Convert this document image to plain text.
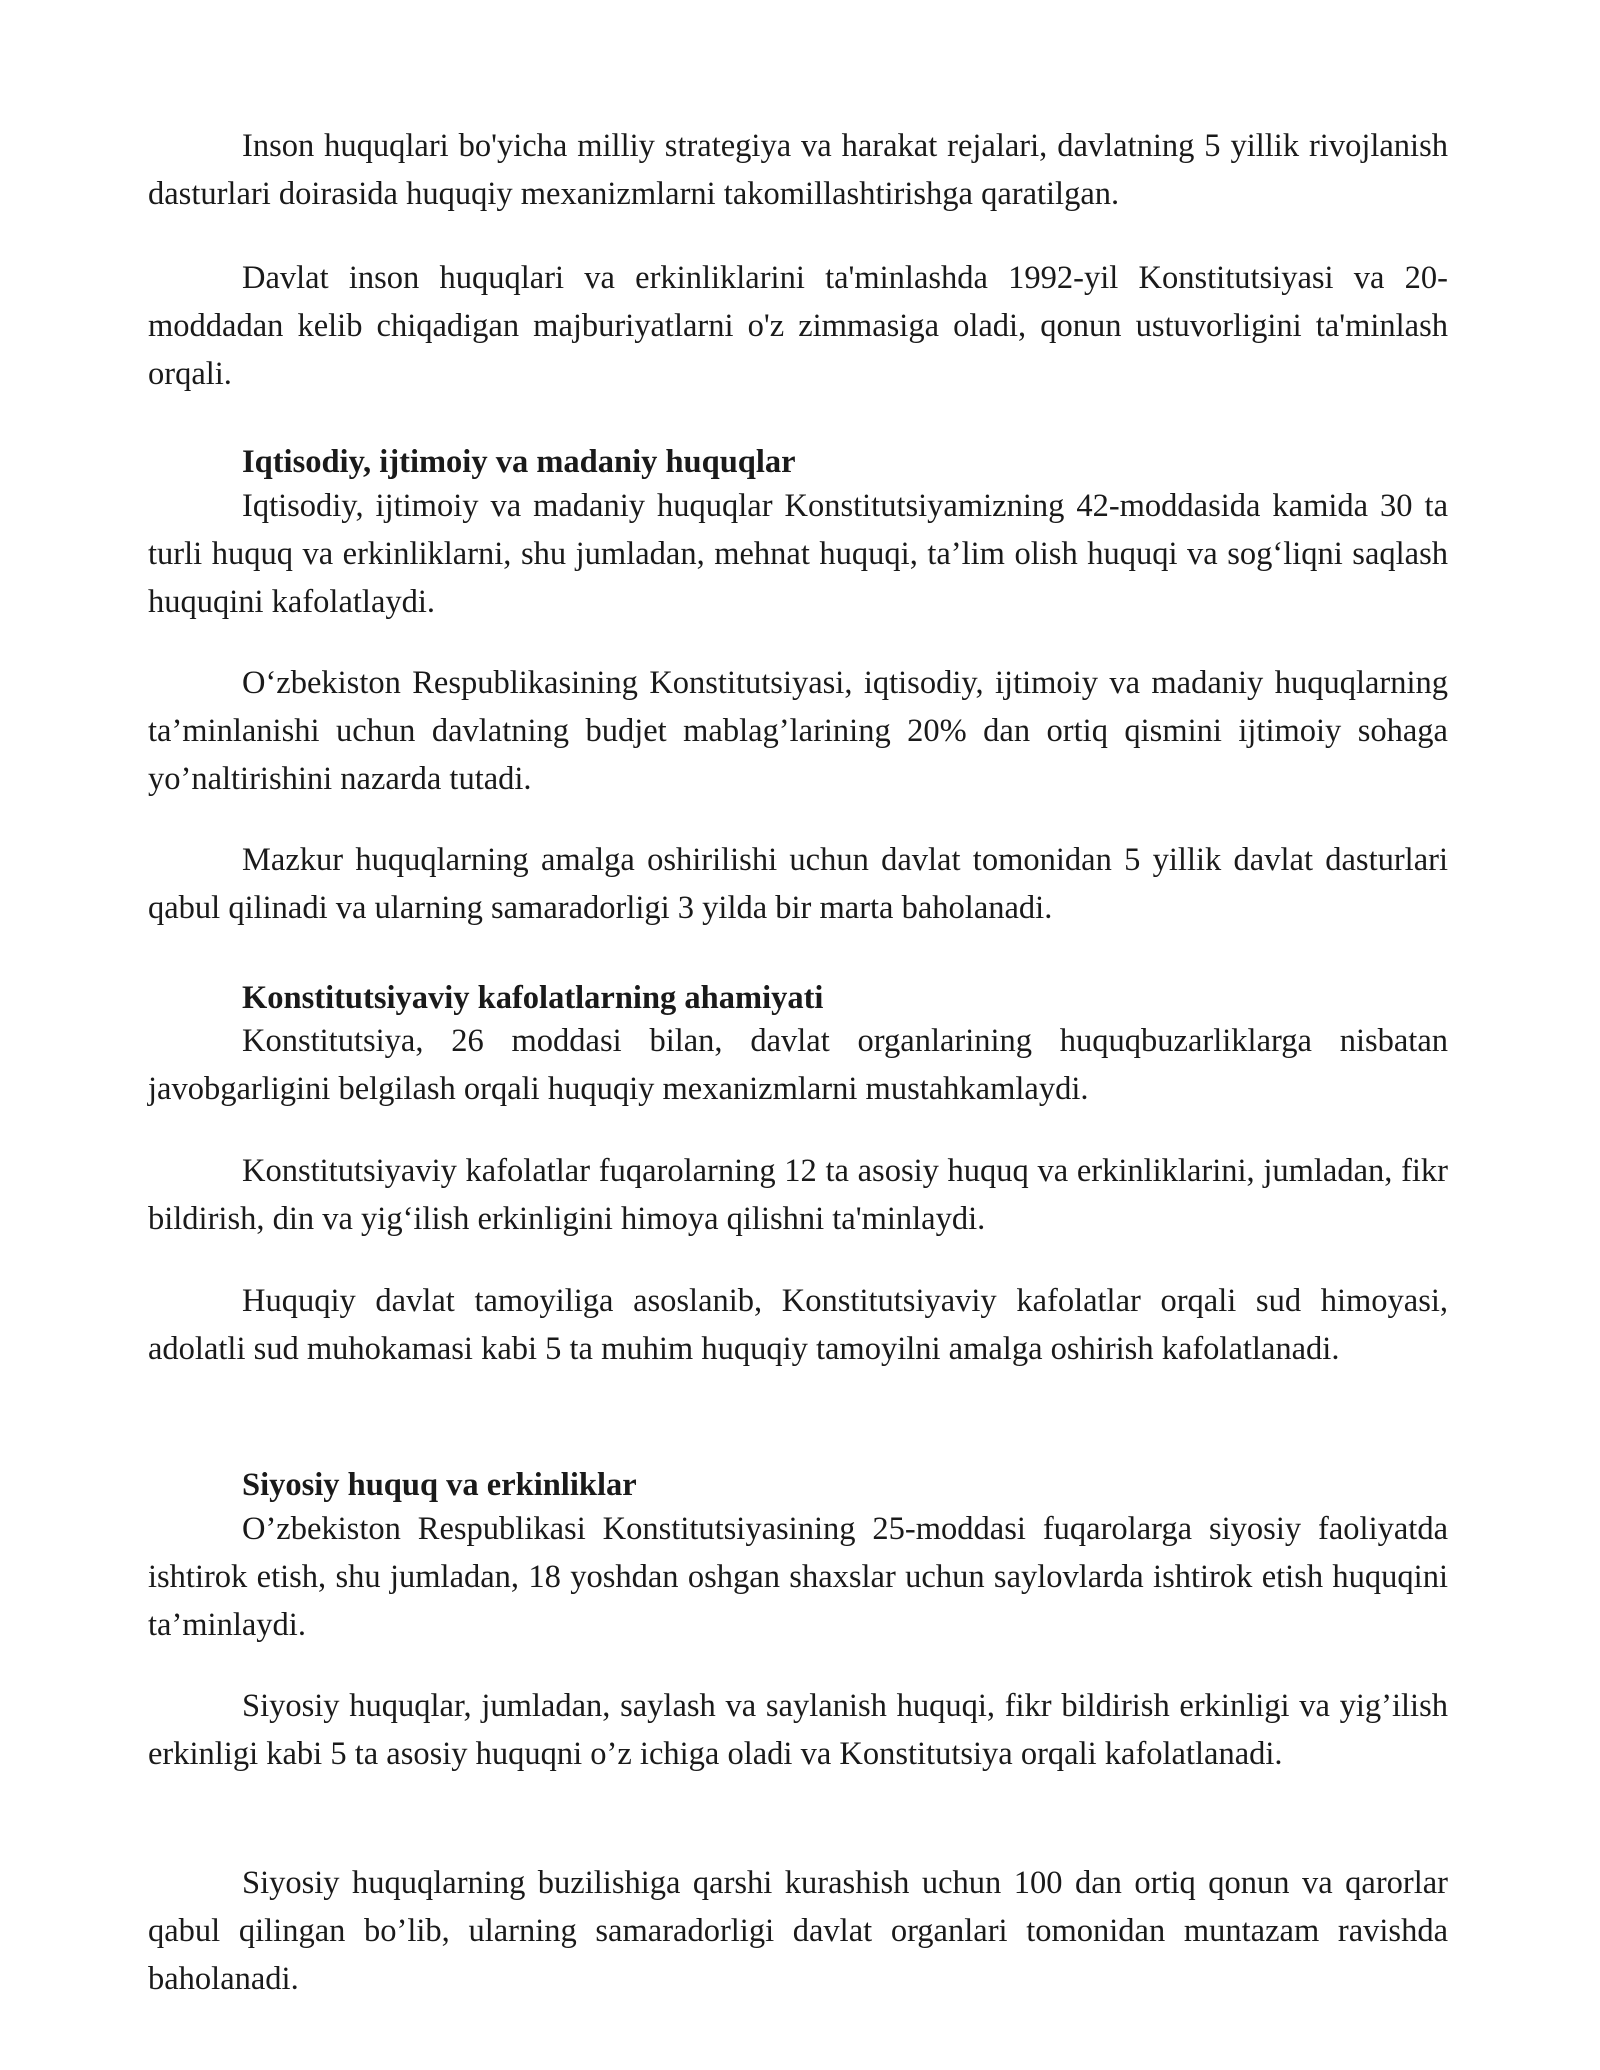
Inson huquqlari bo'yicha milliy strategiya va harakat rejalari, davlatning 5 yillik rivojlanish dasturlari doirasida huquqiy mexanizmlarni takomillashtirishga qaratilgan.

Davlat inson huquqlari va erkinliklarini ta'minlashda 1992-yil Konstitutsiyasi va 20-moddadan kelib chiqadigan majburiyatlarni o'z zimmasiga oladi, qonun ustuvorligini ta'minlash orqali.

Iqtisodiy, ijtimoiy va madaniy huquqlar

Iqtisodiy, ijtimoiy va madaniy huquqlar Konstitutsiyamizning 42-moddasida kamida 30 ta turli huquq va erkinliklarni, shu jumladan, mehnat huquqi, ta’lim olish huquqi va sog‘liqni saqlash huquqini kafolatlaydi.

O‘zbekiston Respublikasining Konstitutsiyasi, iqtisodiy, ijtimoiy va madaniy huquqlarning ta’minlanishi uchun davlatning budjet mablag’larining 20% dan ortiq qismini ijtimoiy sohaga yo’naltirishini nazarda tutadi.

Mazkur huquqlarning amalga oshirilishi uchun davlat tomonidan 5 yillik davlat dasturlari qabul qilinadi va ularning samaradorligi 3 yilda bir marta baholanadi.

Konstitutsiyaviy kafolatlarning ahamiyati

Konstitutsiya, 26 moddasi bilan, davlat organlarining huquqbuzarliklarga nisbatan javobgarligini belgilash orqali huquqiy mexanizmlarni mustahkamlaydi.

Konstitutsiyaviy kafolatlar fuqarolarning 12 ta asosiy huquq va erkinliklarini, jumladan, fikr bildirish, din va yig‘ilish erkinligini himoya qilishni ta'minlaydi.

Huquqiy davlat tamoyiliga asoslanib, Konstitutsiyaviy kafolatlar orqali sud himoyasi, adolatli sud muhokamasi kabi 5 ta muhim huquqiy tamoyilni amalga oshirish kafolatlanadi.

Siyosiy huquq va erkinliklar

O’zbekiston Respublikasi Konstitutsiyasining 25-moddasi fuqarolarga siyosiy faoliyatda ishtirok etish, shu jumladan, 18 yoshdan oshgan shaxslar uchun saylovlarda ishtirok etish huquqini ta’minlaydi.

Siyosiy huquqlar, jumladan, saylash va saylanish huquqi, fikr bildirish erkinligi va yig’ilish erkinligi kabi 5 ta asosiy huquqni o’z ichiga oladi va Konstitutsiya orqali kafolatlanadi.

Siyosiy huquqlarning buzilishiga qarshi kurashish uchun 100 dan ortiq qonun va qarorlar qabul qilingan bo’lib, ularning samaradorligi davlat organlari tomonidan muntazam ravishda baholanadi.
